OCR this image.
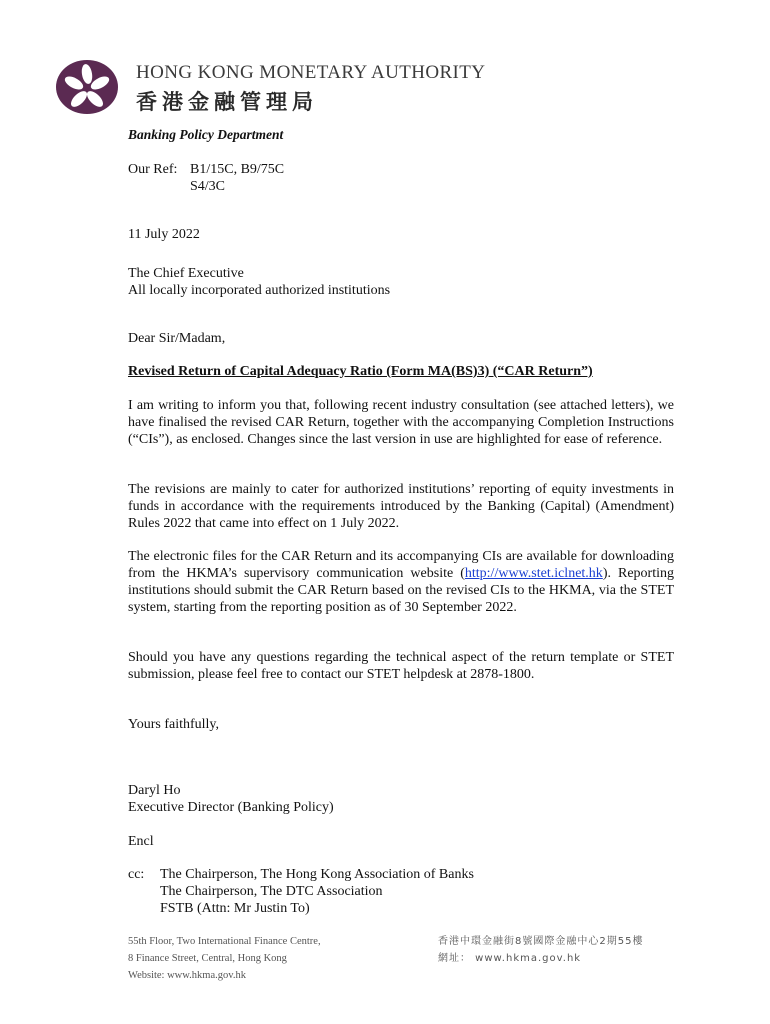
HONG KONG MONETARY AUTHORITY
香港金融管理局
Banking Policy Department
Our Ref: B1/15C, B9/75C
S4/3C
11 July 2022
The Chief Executive
All locally incorporated authorized institutions
Dear Sir/Madam,
Revised Return of Capital Adequacy Ratio (Form MA(BS)3) (“CAR Return”)
I am writing to inform you that, following recent industry consultation (see attached letters), we have finalised the revised CAR Return, together with the accompanying Completion Instructions (“CIs”), as enclosed. Changes since the last version in use are highlighted for ease of reference.
The revisions are mainly to cater for authorized institutions’ reporting of equity investments in funds in accordance with the requirements introduced by the Banking (Capital) (Amendment) Rules 2022 that came into effect on 1 July 2022.
The electronic files for the CAR Return and its accompanying CIs are available for downloading from the HKMA’s supervisory communication website (http://www.stet.iclnet.hk). Reporting institutions should submit the CAR Return based on the revised CIs to the HKMA, via the STET system, starting from the reporting position as of 30 September 2022.
Should you have any questions regarding the technical aspect of the return template or STET submission, please feel free to contact our STET helpdesk at 2878-1800.
Yours faithfully,
Daryl Ho
Executive Director (Banking Policy)
Encl
cc: The Chairperson, The Hong Kong Association of Banks
The Chairperson, The DTC Association
FSTB (Attn: Mr Justin To)
55th Floor, Two International Finance Centre,
8 Finance Street, Central, Hong Kong
Website: www.hkma.gov.hk
香港中環金融街8號國際金融中心2期55樓
網址： www.hkma.gov.hk
